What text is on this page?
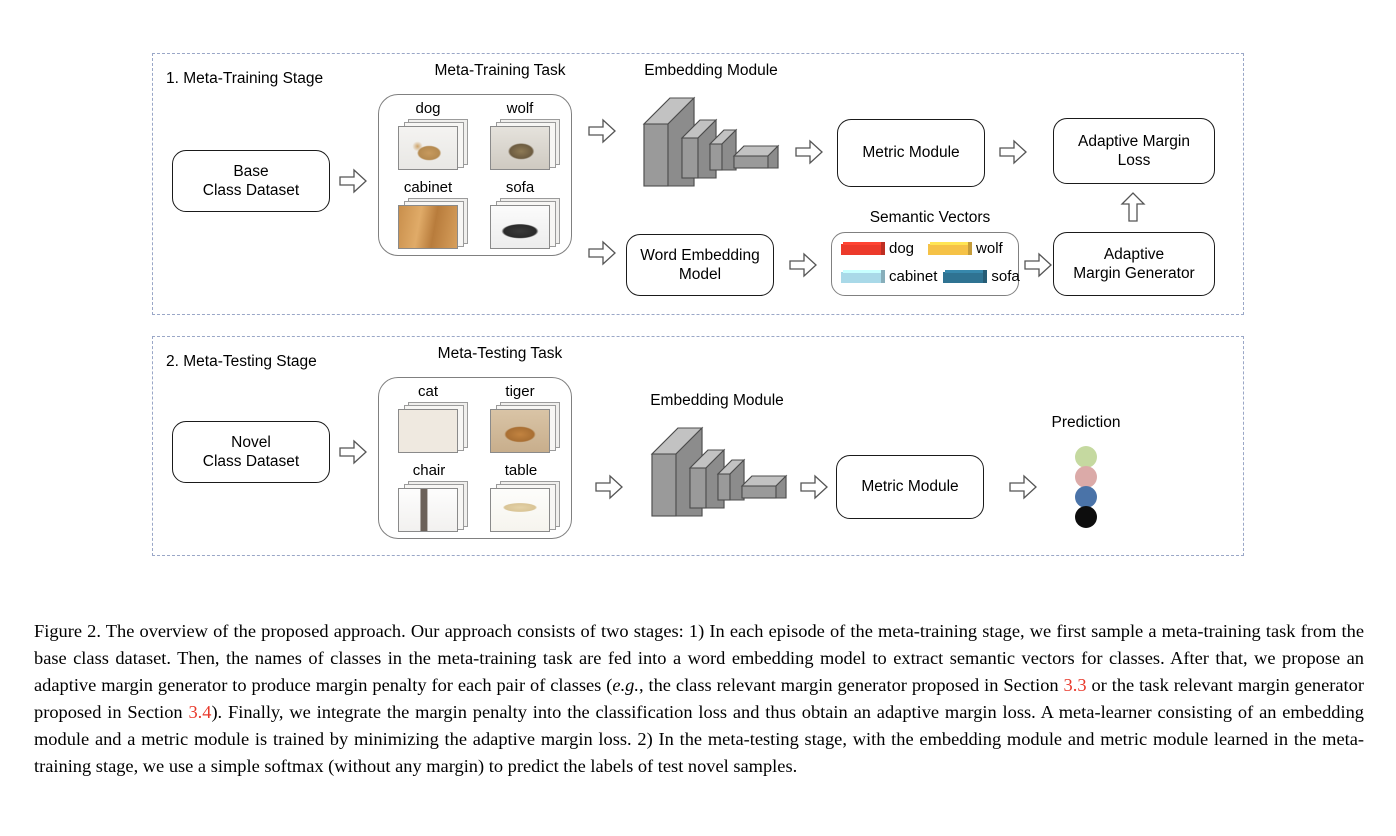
1. Meta-Training Stage	Meta-Training Task
Base
Class Dataset
dog	wolf
cabinet	sofa
Embedding Module
Metric Module
Adaptive Margin
Loss
Word Embedding
Model
Semantic Vectors
dog	wolf
cabinet	sofa
Adaptive
Margin Generator
2. Meta-Testing Stage	Meta-Testing Task
Novel
Class Dataset
cat	tiger
chair	table
Embedding Module
Metric Module
Prediction

Figure 2. The overview of the proposed approach. Our approach consists of two stages: 1) In each episode of the meta-training stage, we first sample a meta-training task from the base class dataset. Then, the names of classes in the meta-training task are fed into a word embedding model to extract semantic vectors for classes. After that, we propose an adaptive margin generator to produce margin penalty for each pair of classes (e.g., the class relevant margin generator proposed in Section 3.3 or the task relevant margin generator proposed in Section 3.4). Finally, we integrate the margin penalty into the classification loss and thus obtain an adaptive margin loss. A meta-learner consisting of an embedding module and a metric module is trained by minimizing the adaptive margin loss. 2) In the meta-testing stage, with the embedding module and metric module learned in the meta-training stage, we use a simple softmax (without any margin) to predict the labels of test novel samples.
